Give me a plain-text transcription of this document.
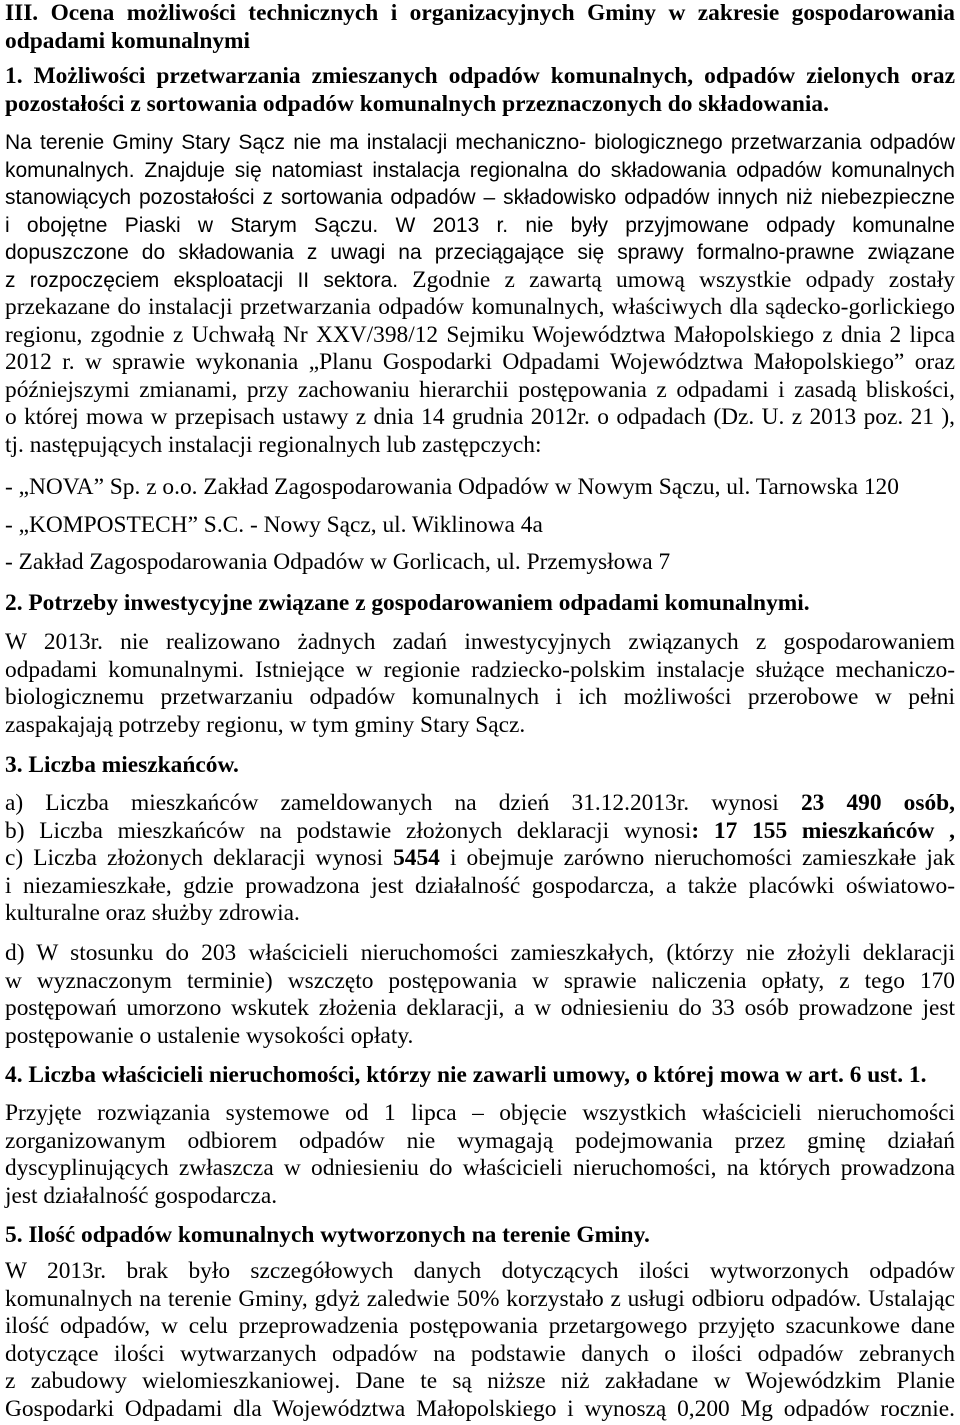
III. Ocena możliwości technicznych i organizacyjnych Gminy w zakresie gospodarowania
odpadami komunalnymi
1. Możliwości przetwarzania zmieszanych odpadów komunalnych, odpadów zielonych oraz
pozostałości z sortowania odpadów komunalnych przeznaczonych do składowania.
Na terenie Gminy Stary Sącz nie ma instalacji mechaniczno- biologicznego przetwarzania odpadów
komunalnych. Znajduje się natomiast instalacja regionalna do składowania odpadów komunalnych
stanowiących pozostałości z sortowania odpadów – składowisko odpadów innych niż niebezpieczne
i obojętne Piaski w Starym Sączu. W 2013 r. nie były przyjmowane odpady komunalne
dopuszczone do składowania z uwagi na przeciągające się sprawy formalno-prawne związane
z rozpoczęciem eksploatacji II sektora. Zgodnie z zawartą umową wszystkie odpady zostały
przekazane do instalacji przetwarzania odpadów komunalnych, właściwych dla sądecko-gorlickiego
regionu, zgodnie z Uchwałą Nr XXV/398/12 Sejmiku Województwa Małopolskiego z dnia 2 lipca
2012 r. w sprawie wykonania „Planu Gospodarki Odpadami Województwa Małopolskiego” oraz
późniejszymi zmianami, przy zachowaniu hierarchii postępowania z odpadami i zasadą bliskości,
o której mowa w przepisach ustawy z dnia 14 grudnia 2012r. o odpadach (Dz. U. z 2013 poz. 21 ),
tj. następujących instalacji regionalnych lub zastępczych:
- „NOVA” Sp. z o.o. Zakład Zagospodarowania Odpadów w Nowym Sączu, ul. Tarnowska 120
- „KOMPOSTECH” S.C. - Nowy Sącz, ul. Wiklinowa 4a
- Zakład Zagospodarowania Odpadów w Gorlicach, ul. Przemysłowa 7
2. Potrzeby inwestycyjne związane z gospodarowaniem odpadami komunalnymi.
W 2013r. nie realizowano żadnych zadań inwestycyjnych związanych z gospodarowaniem
odpadami komunalnymi. Istniejące w regionie radziecko-polskim instalacje służące mechaniczo-
biologicznemu przetwarzaniu odpadów komunalnych i ich możliwości przerobowe w pełni
zaspakajają potrzeby regionu, w tym gminy Stary Sącz.
3. Liczba mieszkańców.
a) Liczba mieszkańców zameldowanych na dzień 31.12.2013r. wynosi 23 490 osób,
b) Liczba mieszkańców na podstawie złożonych deklaracji wynosi: 17 155 mieszkańców ,
c) Liczba złożonych deklaracji wynosi 5454 i obejmuje zarówno nieruchomości zamieszkałe jak
i niezamieszkałe, gdzie prowadzona jest działalność gospodarcza, a także placówki oświatowo-
kulturalne oraz służby zdrowia.
d) W stosunku do 203 właścicieli nieruchomości zamieszkałych, (którzy nie złożyli deklaracji
w wyznaczonym terminie) wszczęto postępowania w sprawie naliczenia opłaty, z tego 170
postępowań umorzono wskutek złożenia deklaracji, a w odniesieniu do 33 osób prowadzone jest
postępowanie o ustalenie wysokości opłaty.
4. Liczba właścicieli nieruchomości, którzy nie zawarli umowy, o której mowa w art. 6 ust. 1.
Przyjęte rozwiązania systemowe od 1 lipca – objęcie wszystkich właścicieli nieruchomości
zorganizowanym odbiorem odpadów nie wymagają podejmowania przez gminę działań
dyscyplinujących zwłaszcza w odniesieniu do właścicieli nieruchomości, na których prowadzona
jest działalność gospodarcza.
5. Ilość odpadów komunalnych wytworzonych na terenie Gminy.
W 2013r. brak było szczegółowych danych dotyczących ilości wytworzonych odpadów
komunalnych na terenie Gminy, gdyż zaledwie 50% korzystało z usługi odbioru odpadów. Ustalając
ilość odpadów, w celu przeprowadzenia postępowania przetargowego przyjęto szacunkowe dane
dotyczące ilości wytwarzanych odpadów na podstawie danych o ilości odpadów zebranych
z zabudowy wielomieszkaniowej. Dane te są niższe niż zakładane w Wojewódzkim Planie
Gospodarki Odpadami dla Województwa Małopolskiego i wynoszą 0,200 Mg odpadów rocznie.
